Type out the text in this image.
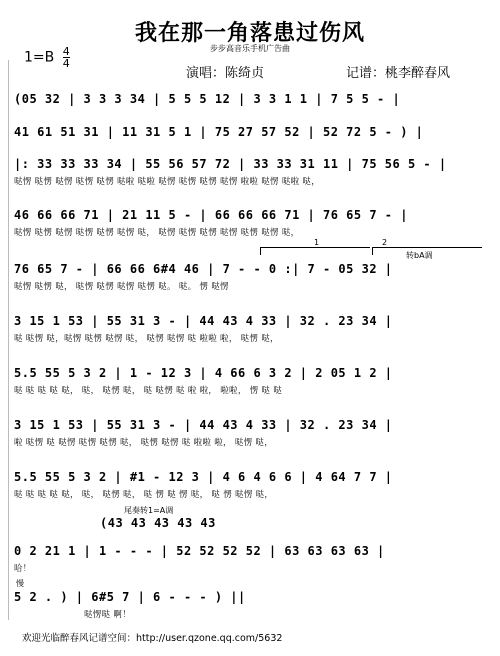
我在那一角落患过伤风
步步高音乐手机广告曲
$1=B \frac{4}{4}$
演唱：陈绮贞	记谱：桃李醉春风
(05 32 | 3 3 3 34 | 5 5 5 12 | 3 3 1 1 | 7 5 5 - |
41 61 51 31 | 11 31 5 1 | 75 27 57 52 | 52 72 5 - ) |
|: 33 33 33 34 | 55 56 57 72 | 33 33 31 11 | 75 56 5 - |
哒愣 哒愣 哒愣 哒愣 哒愣 哒啦 哒啦 哒愣 哒愣 哒愣 哒愣 啦啦 哒愣 哒啦 哒，
46 66 66 71 | 21 11 5 - | 66 66 66 71 | 76 65 7 - |
哒愣 哒愣 哒愣 哒愣 哒愣 哒愣 哒， 哒愣 哒愣 哒愣 哒愣 哒愣 哒愣 哒，
1	2
转bA调
76 65 7 - | 66 66 6#4 46 | 7 - - 0 :| 7 - 05 32 |
哒愣 哒愣 哒， 哒愣 哒愣 哒愣 哒愣 哒。 哒。 愣 哒愣
3 15 1 53 | 55 31 3 - | 44 43 4 33 | 32 . 23 34 |
哒 哒愣 哒，哒愣 哒愣 哒愣 哒， 哒愣 哒愣 哒 啦啦 啦， 哒愣 哒，
5.5 55 5 3 2 | 1 - 12 3 | 4 66 6 3 2 | 2 05 1 2 |
哒 哒 哒 哒 哒， 哒， 哒愣 哒， 哒 哒愣 哒 啦 啦， 啦啦， 愣 哒 哒
3 15 1 53 | 55 31 3 - | 44 43 4 33 | 32 . 23 34 |
啦 哒愣 哒 哒愣 哒愣 哒愣 哒， 哒愣 哒愣 哒 啦啦 啦， 哒愣 哒，
5.5 55 5 3 2 | #1 - 12 3 | 4 6 4 6 6 | 4 64 7 7 |
哒 哒 哒 哒 哒， 哒， 哒愣 哒， 哒 愣 哒 愣 哒， 哒 愣 哒愣 哒，
尾奏转1=A调
(43 43 43 43 43
0 2 21 1 | 1 - - - | 52 52 52 52 | 63 63 63 63 |
哈！
慢
5 2 . ) | 6#5 7 | 6 - - - ) ||
哒愣哒 啊！
欢迎光临醉春风记谱空间：http://user.qzone.qq.com/5632
